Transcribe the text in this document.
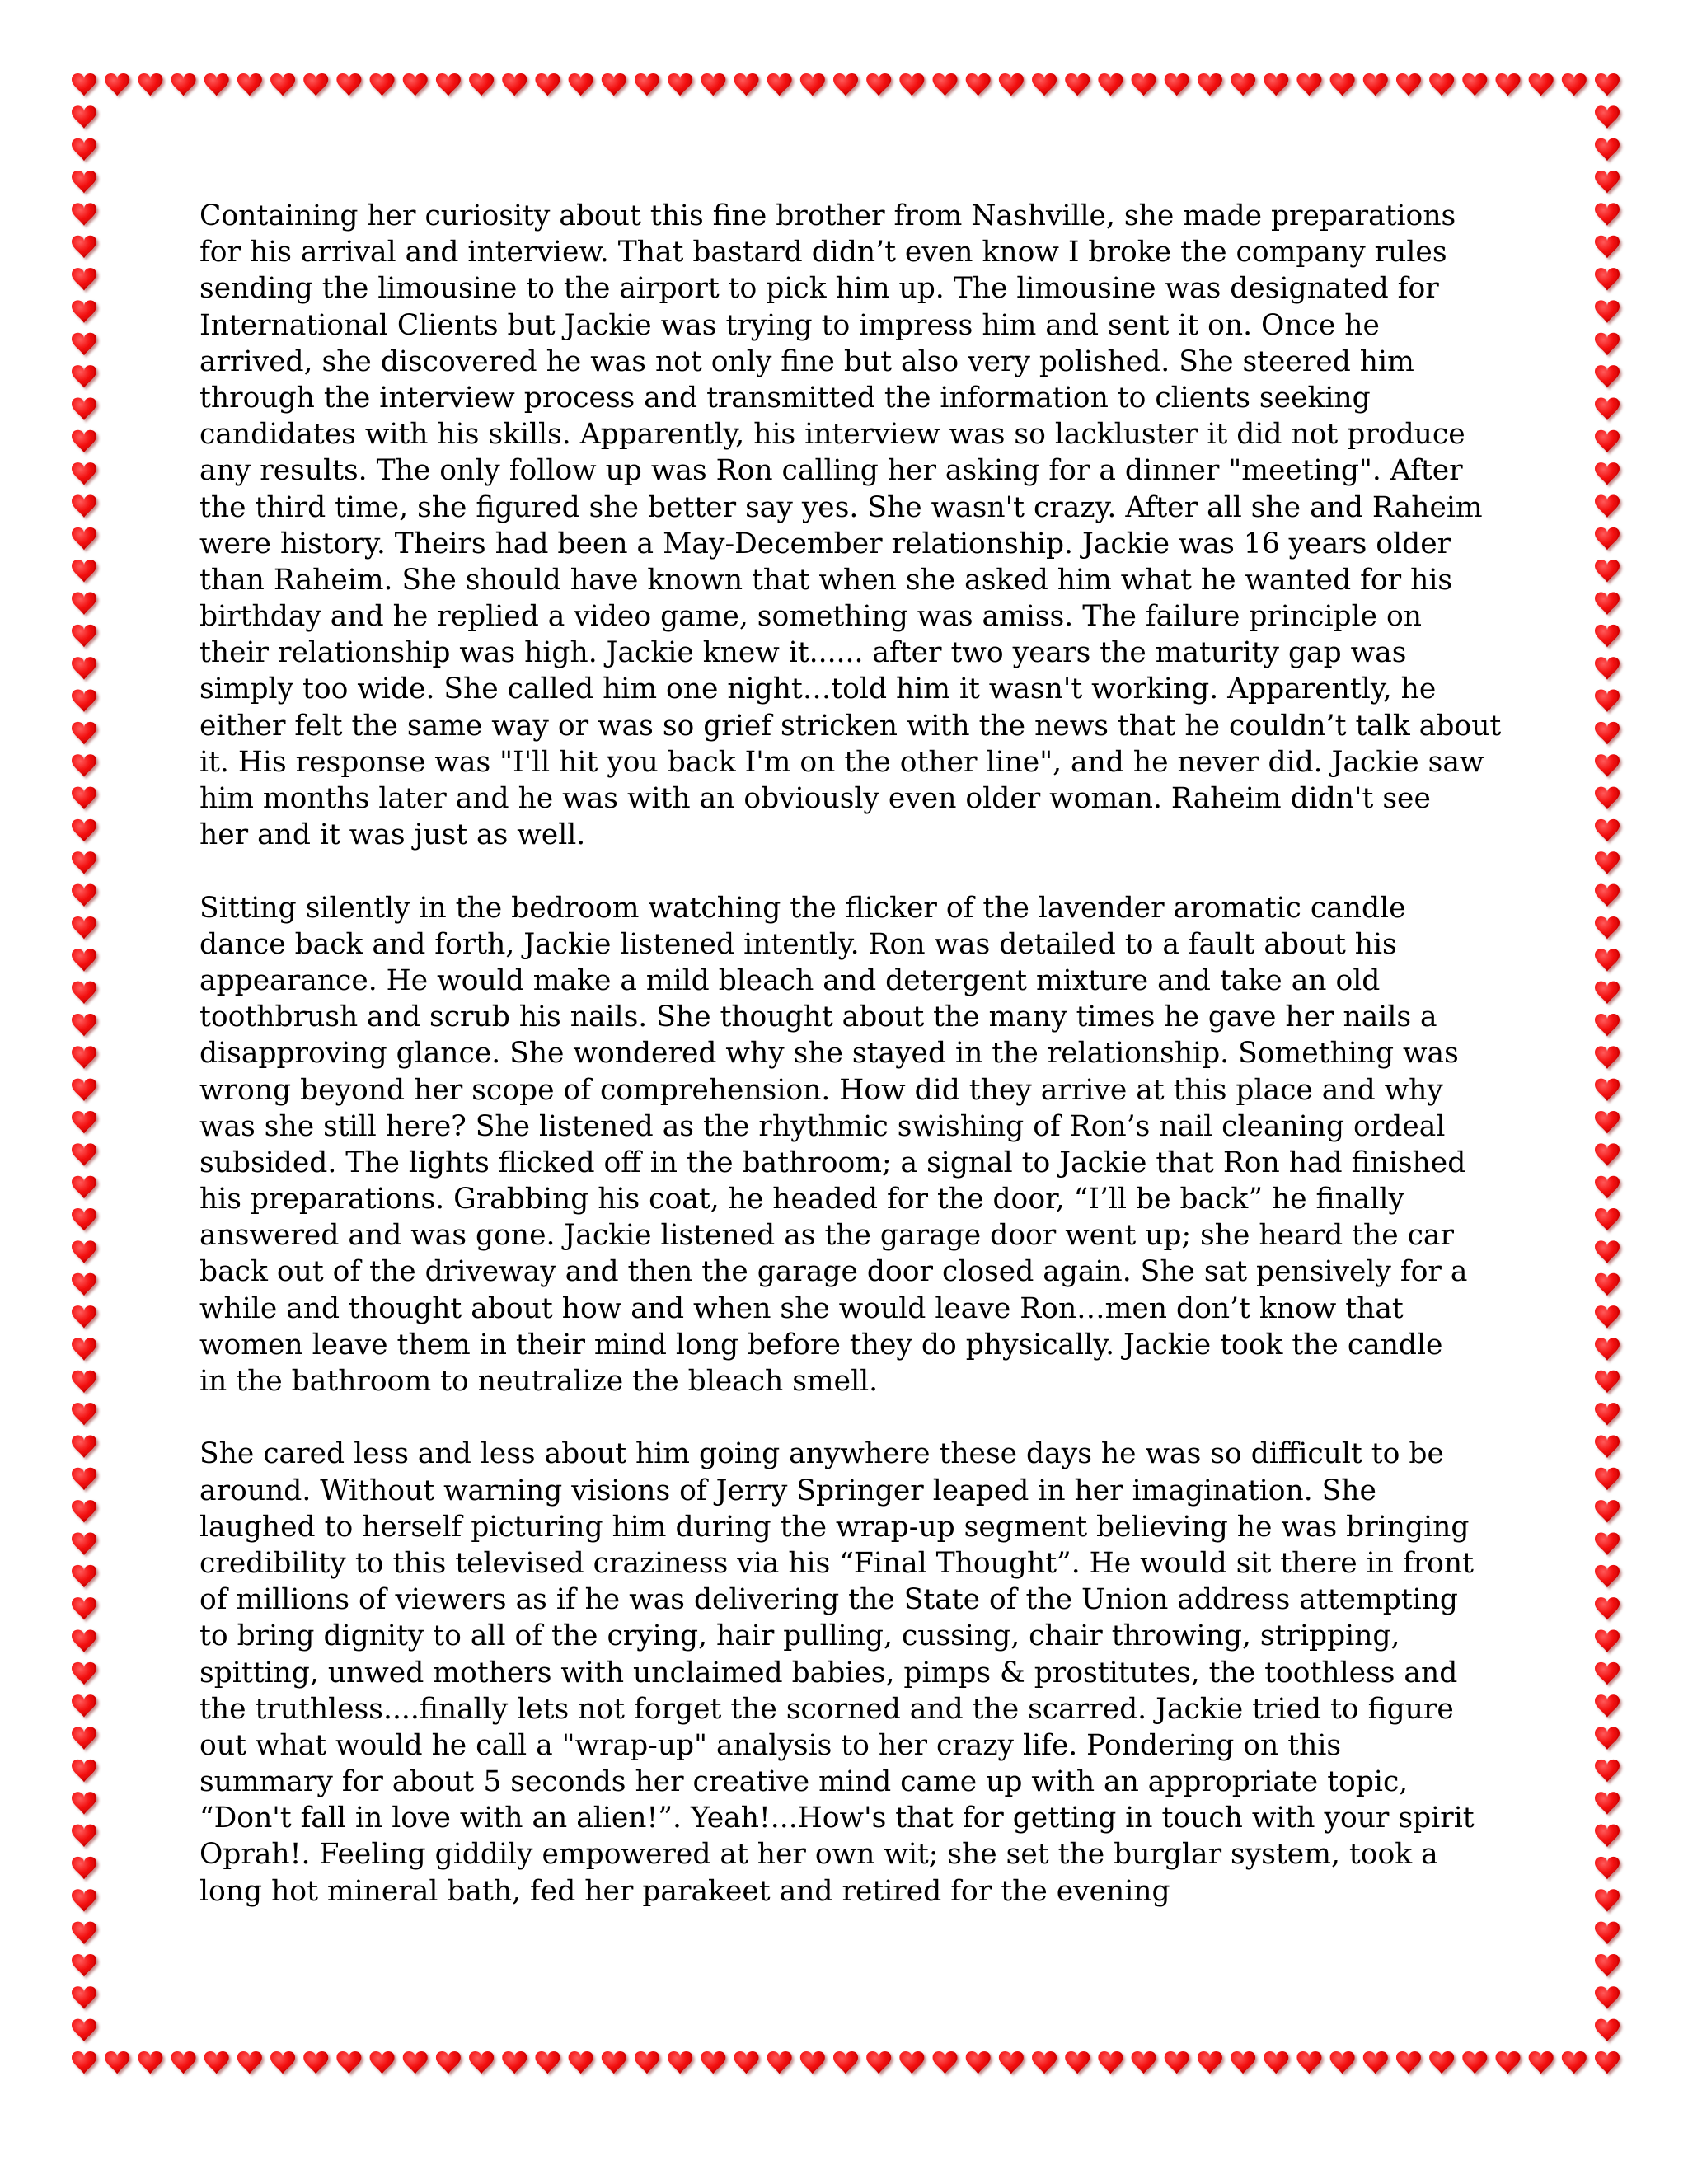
Containing her curiosity about this fine brother from Nashville, she made preparations
for his arrival and interview. That bastard didn’t even know I broke the company rules
sending the limousine to the airport to pick him up. The limousine was designated for
International Clients but Jackie was trying to impress him and sent it on. Once he
arrived, she discovered he was not only fine but also very polished. She steered him
through the interview process and transmitted the information to clients seeking
candidates with his skills. Apparently, his interview was so lackluster it did not produce
any results. The only follow up was Ron calling her asking for a dinner "meeting". After
the third time, she figured she better say yes. She wasn't crazy. After all she and Raheim
were history. Theirs had been a May-December relationship. Jackie was 16 years older
than Raheim. She should have known that when she asked him what he wanted for his
birthday and he replied a video game, something was amiss. The failure principle on
their relationship was high. Jackie knew it...... after two years the maturity gap was
simply too wide. She called him one night…told him it wasn't working. Apparently, he
either felt the same way or was so grief stricken with the news that he couldn’t talk about
it. His response was "I'll hit you back I'm on the other line", and he never did. Jackie saw
him months later and he was with an obviously even older woman. Raheim didn't see
her and it was just as well.
Sitting silently in the bedroom watching the flicker of the lavender aromatic candle
dance back and forth, Jackie listened intently. Ron was detailed to a fault about his
appearance. He would make a mild bleach and detergent mixture and take an old
toothbrush and scrub his nails. She thought about the many times he gave her nails a
disapproving glance. She wondered why she stayed in the relationship. Something was
wrong beyond her scope of comprehension. How did they arrive at this place and why
was she still here? She listened as the rhythmic swishing of Ron’s nail cleaning ordeal
subsided. The lights flicked off in the bathroom; a signal to Jackie that Ron had finished
his preparations. Grabbing his coat, he headed for the door, “I’ll be back” he finally
answered and was gone. Jackie listened as the garage door went up; she heard the car
back out of the driveway and then the garage door closed again. She sat pensively for a
while and thought about how and when she would leave Ron…men don’t know that
women leave them in their mind long before they do physically. Jackie took the candle
in the bathroom to neutralize the bleach smell.
She cared less and less about him going anywhere these days he was so difficult to be
around. Without warning visions of Jerry Springer leaped in her imagination. She
laughed to herself picturing him during the wrap-up segment believing he was bringing
credibility to this televised craziness via his “Final Thought”. He would sit there in front
of millions of viewers as if he was delivering the State of the Union address attempting
to bring dignity to all of the crying, hair pulling, cussing, chair throwing, stripping,
spitting, unwed mothers with unclaimed babies, pimps & prostitutes, the toothless and
the truthless....finally lets not forget the scorned and the scarred. Jackie tried to figure
out what would he call a "wrap-up" analysis to her crazy life. Pondering on this
summary for about 5 seconds her creative mind came up with an appropriate topic,
“Don't fall in love with an alien!”. Yeah!...How's that for getting in touch with your spirit
Oprah!. Feeling giddily empowered at her own wit; she set the burglar system, took a
long hot mineral bath, fed her parakeet and retired for the evening
